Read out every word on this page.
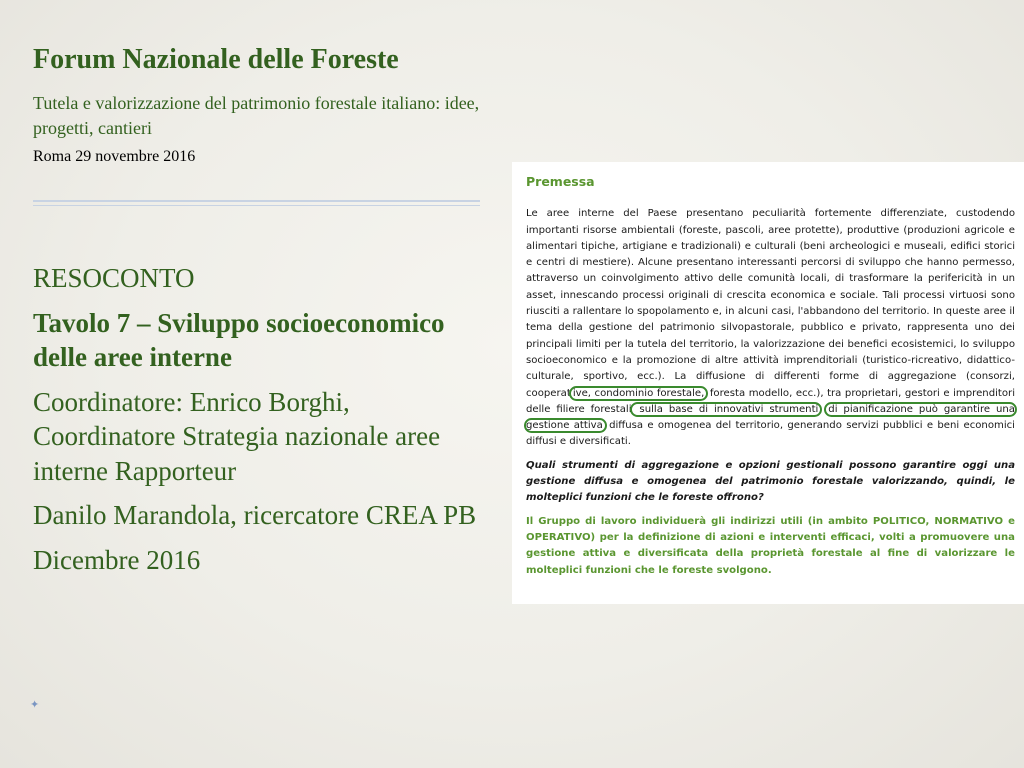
Forum Nazionale delle Foreste

Tutela e valorizzazione del patrimonio forestale italiano: idee, progetti, cantieri

Roma 29 novembre 2016

RESOCONTO

Tavolo 7 – Sviluppo socioeconomico delle aree interne

Coordinatore: Enrico Borghi, Coordinatore Strategia nazionale aree interne Rapporteur

Danilo Marandola, ricercatore CREA PB

Dicembre 2016

✦
Premessa

Le aree interne del Paese presentano peculiarità fortemente differenziate, custodendo importanti risorse ambientali (foreste, pascoli, aree protette), produttive (produzioni agricole e alimentari tipiche, artigiane e tradizionali) e culturali (beni archeologici e museali, edifici storici e centri di mestiere). Alcune presentano interessanti percorsi di sviluppo che hanno permesso, attraverso un coinvolgimento attivo delle comunità locali, di trasformare la perifericità in un asset, innescando processi originali di crescita economica e sociale. Tali processi virtuosi sono riusciti a rallentare lo spopolamento e, in alcuni casi, l'abbandono del territorio. In queste aree il tema della gestione del patrimonio silvopastorale, pubblico e privato, rappresenta uno dei principali limiti per la tutela del territorio, la valorizzazione dei benefici ecosistemici, lo sviluppo socioeconomico e la promozione di altre attività imprenditoriali (turistico-ricreativo, didattico-culturale, sportivo, ecc.). La diffusione di differenti forme di aggregazione (consorzi, cooperat ive, condominio forestale, foresta modello, ecc.), tra proprietari, gestori e imprenditori delle filiere forestali sulla base di innovativi strumenti di pianificazione può garantire una gestione attiva diffusa e omogenea del territorio, generando servizi pubblici e beni economici diffusi e diversificati.

Quali strumenti di aggregazione e opzioni gestionali possono garantire oggi una gestione diffusa e omogenea del patrimonio forestale valorizzando, quindi, le molteplici funzioni che le foreste offrono?

Il Gruppo di lavoro individuerà gli indirizzi utili (in ambito POLITICO, NORMATIVO e OPERATIVO) per la definizione di azioni e interventi efficaci, volti a promuovere una gestione attiva e diversificata della proprietà forestale al fine di valorizzare le molteplici funzioni che le foreste svolgono.
